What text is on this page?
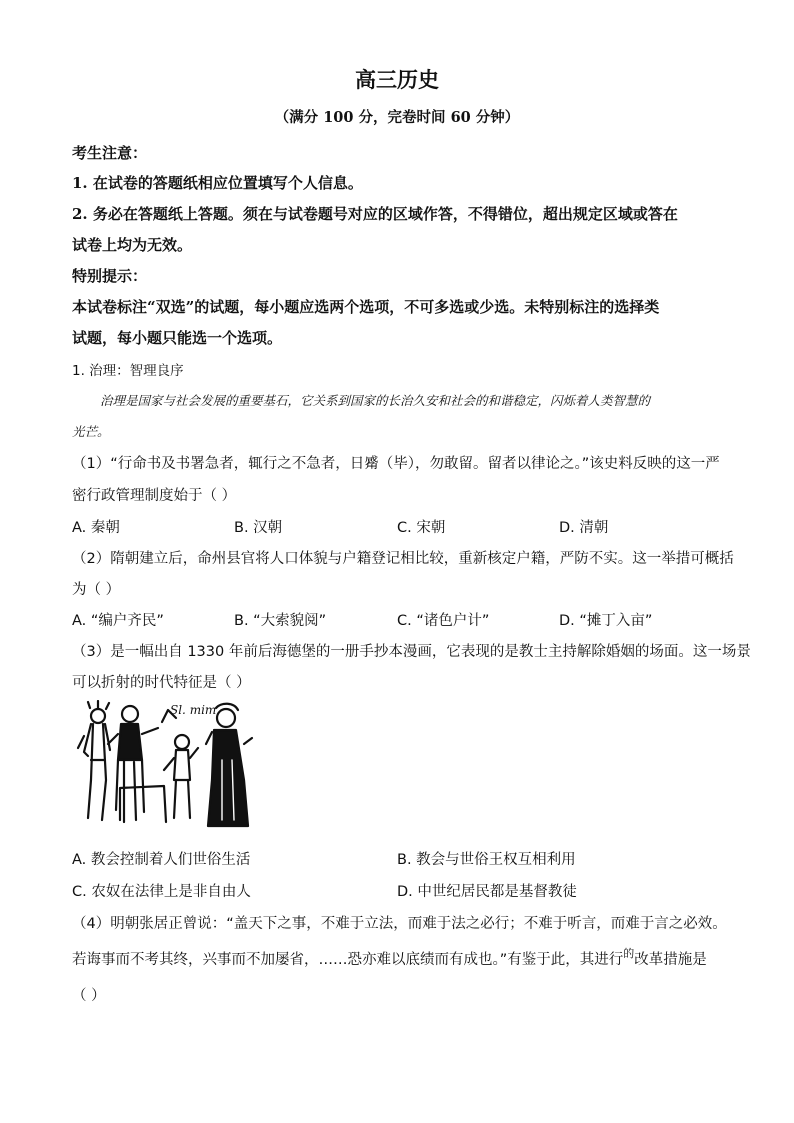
高三历史
（满分 100 分，完卷时间 60 分钟）
考生注意：
1. 在试卷的答题纸相应位置填写个人信息。
2. 务必在答题纸上答题。须在与试卷题号对应的区域作答，不得错位，超出规定区域或答在
试卷上均为无效。
特别提示：
本试卷标注“双选”的试题，每小题应选两个选项，不可多选或少选。未特别标注的选择类
试题，每小题只能选一个选项。
1. 治理：智理良序
治理是国家与社会发展的重要基石，它关系到国家的长治久安和社会的和谐稳定，闪烁着人类智慧的
光芒。
（1）“行命书及书署急者，辄行之不急者，日觱（毕），勿敢留。留者以律论之。”该史料反映的这一严
密行政管理制度始于（ ）
A. 秦朝	B. 汉朝	C. 宋朝	D. 清朝
（2）隋朝建立后，命州县官将人口体貌与户籍登记相比较，重新核定户籍，严防不实。这一举措可概括
为（ ）
A. “编户齐民”	B. “大索貌阅”	C. “诸色户计”	D. “摊丁入亩”
（3）是一幅出自 1330 年前后海德堡的一册手抄本漫画，它表现的是教士主持解除婚姻的场面。这一场景
可以折射的时代特征是（ ）
Sl. mim
A. 教会控制着人们世俗生活	B. 教会与世俗王权互相利用
C. 农奴在法律上是非自由人	D. 中世纪居民都是基督教徒
（4）明朝张居正曾说：“盖天下之事，不难于立法，而难于法之必行；不难于听言，而难于言之必效。
若诲事而不考其终，兴事而不加屡省，……恐亦难以底绩而有成也。”有鉴于此，其进行$^的$改革措施是
（ ）
